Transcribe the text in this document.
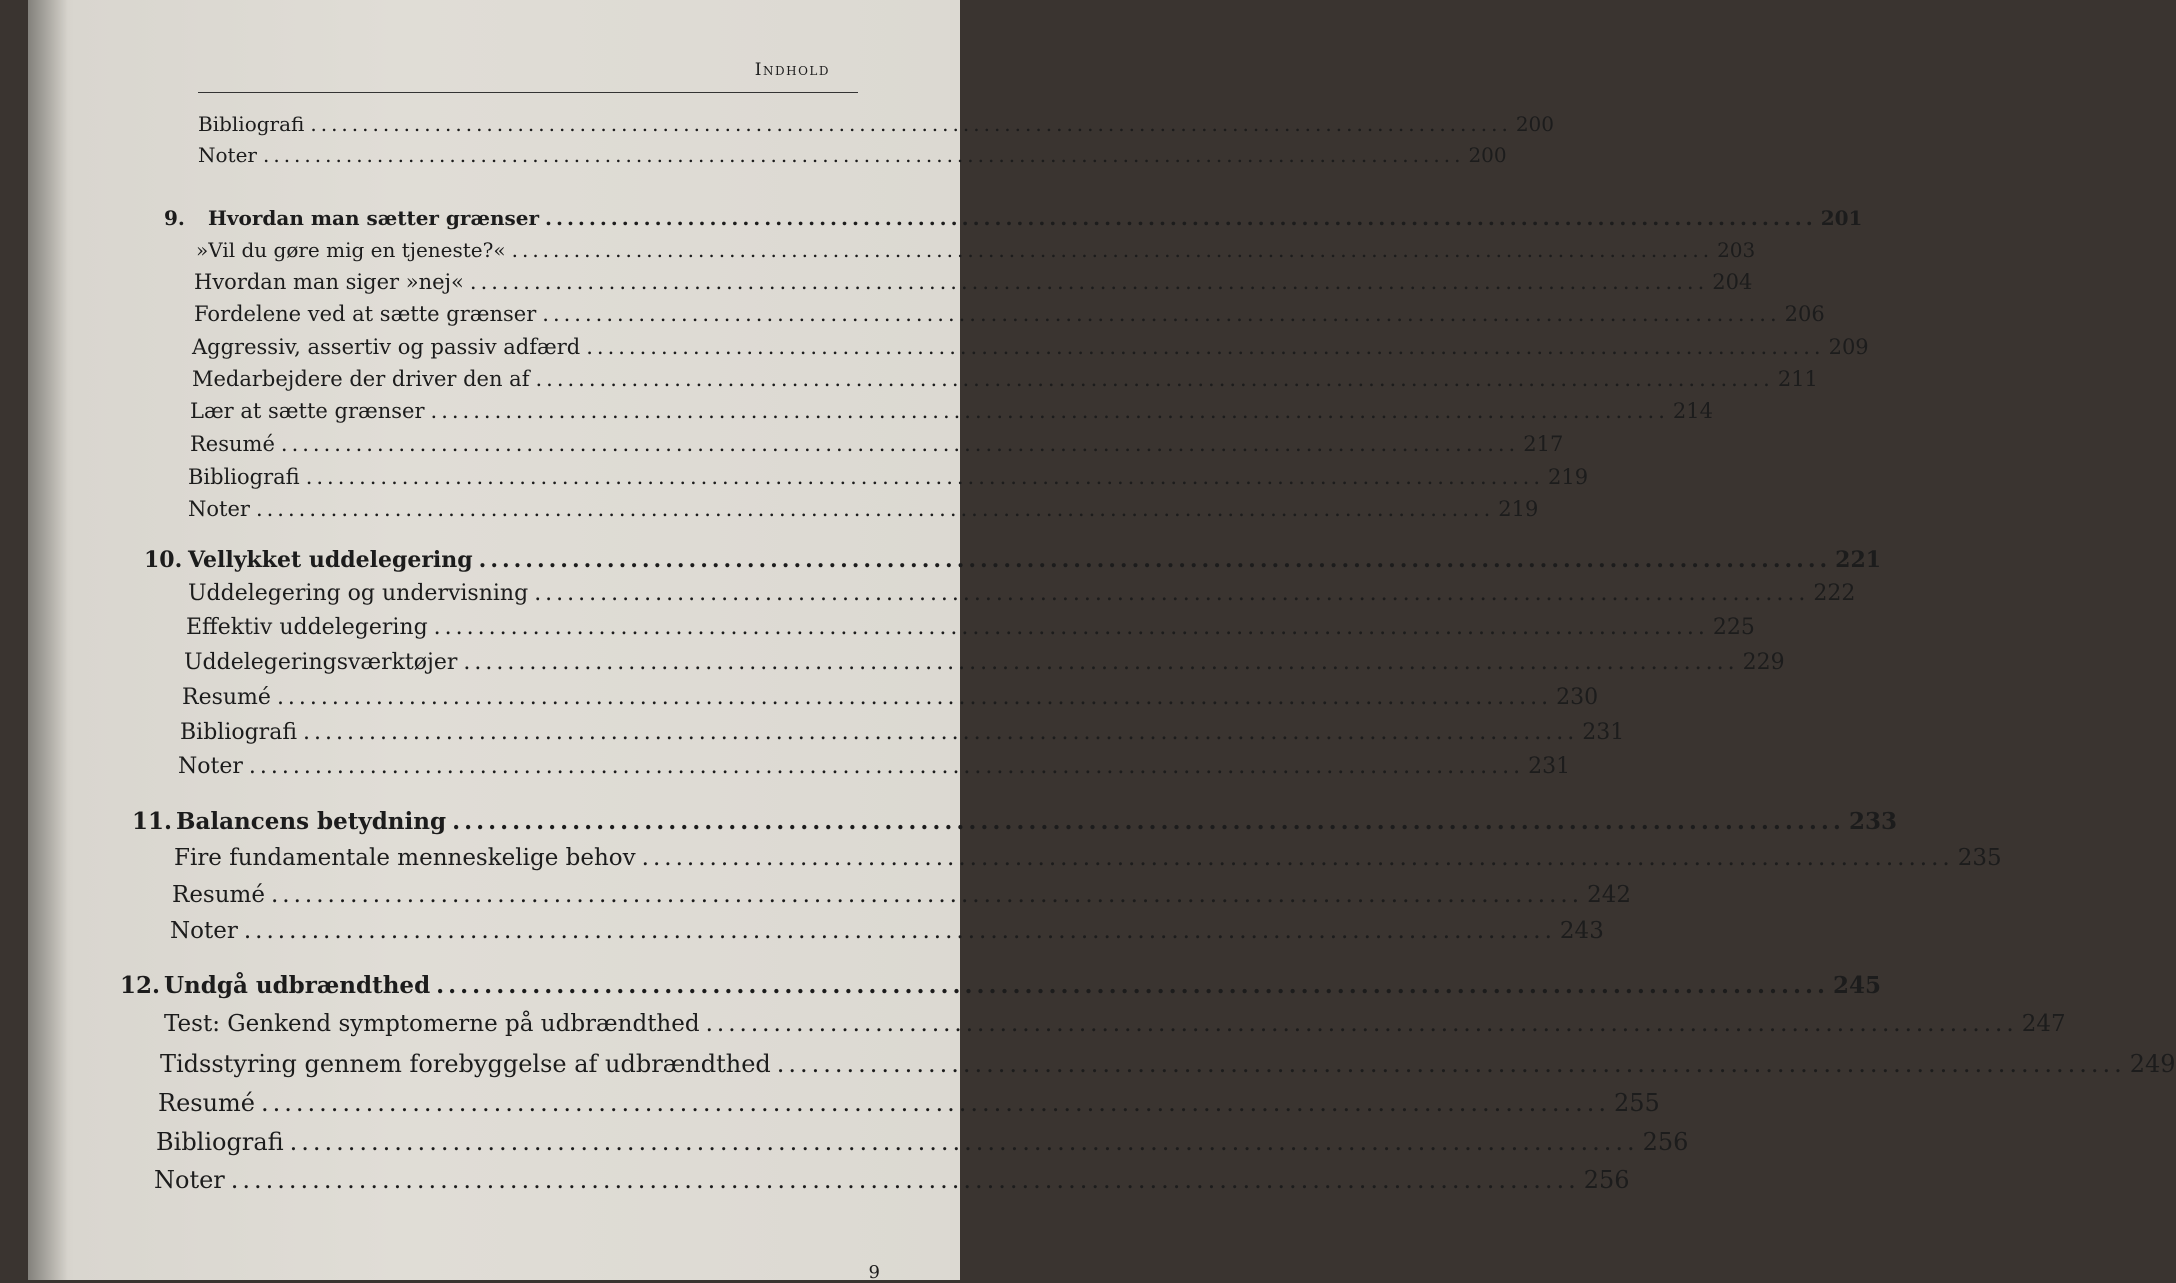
Indhold
Bibliografi .................................................................................................................... 200
Noter .................................................................................................................... 200
9.	Hvordan man sætter grænser .................................................................................................................... 201
»Vil du gøre mig en tjeneste?« .................................................................................................................... 203
Hvordan man siger »nej« .................................................................................................................... 204
Fordelene ved at sætte grænser .................................................................................................................... 206
Aggressiv, assertiv og passiv adfærd .................................................................................................................... 209
Medarbejdere der driver den af .................................................................................................................... 211
Lær at sætte grænser .................................................................................................................... 214
Resumé .................................................................................................................... 217
Bibliografi .................................................................................................................... 219
Noter .................................................................................................................... 219
10. Vellykket uddelegering .................................................................................................................... 221
Uddelegering og undervisning .................................................................................................................... 222
Effektiv uddelegering .................................................................................................................... 225
Uddelegeringsværktøjer .................................................................................................................... 229
Resumé .................................................................................................................... 230
Bibliografi .................................................................................................................... 231
Noter .................................................................................................................... 231
11. Balancens betydning .................................................................................................................... 233
Fire fundamentale menneskelige behov .................................................................................................................... 235
Resumé .................................................................................................................... 242
Noter .................................................................................................................... 243
12. Undgå udbrændthed .................................................................................................................... 245
Test: Genkend symptomerne på udbrændthed .................................................................................................................... 247
Tidsstyring gennem forebyggelse af udbrændthed .................................................................................................................... 249
Resumé .................................................................................................................... 255
Bibliografi .................................................................................................................... 256
Noter .................................................................................................................... 256
9
